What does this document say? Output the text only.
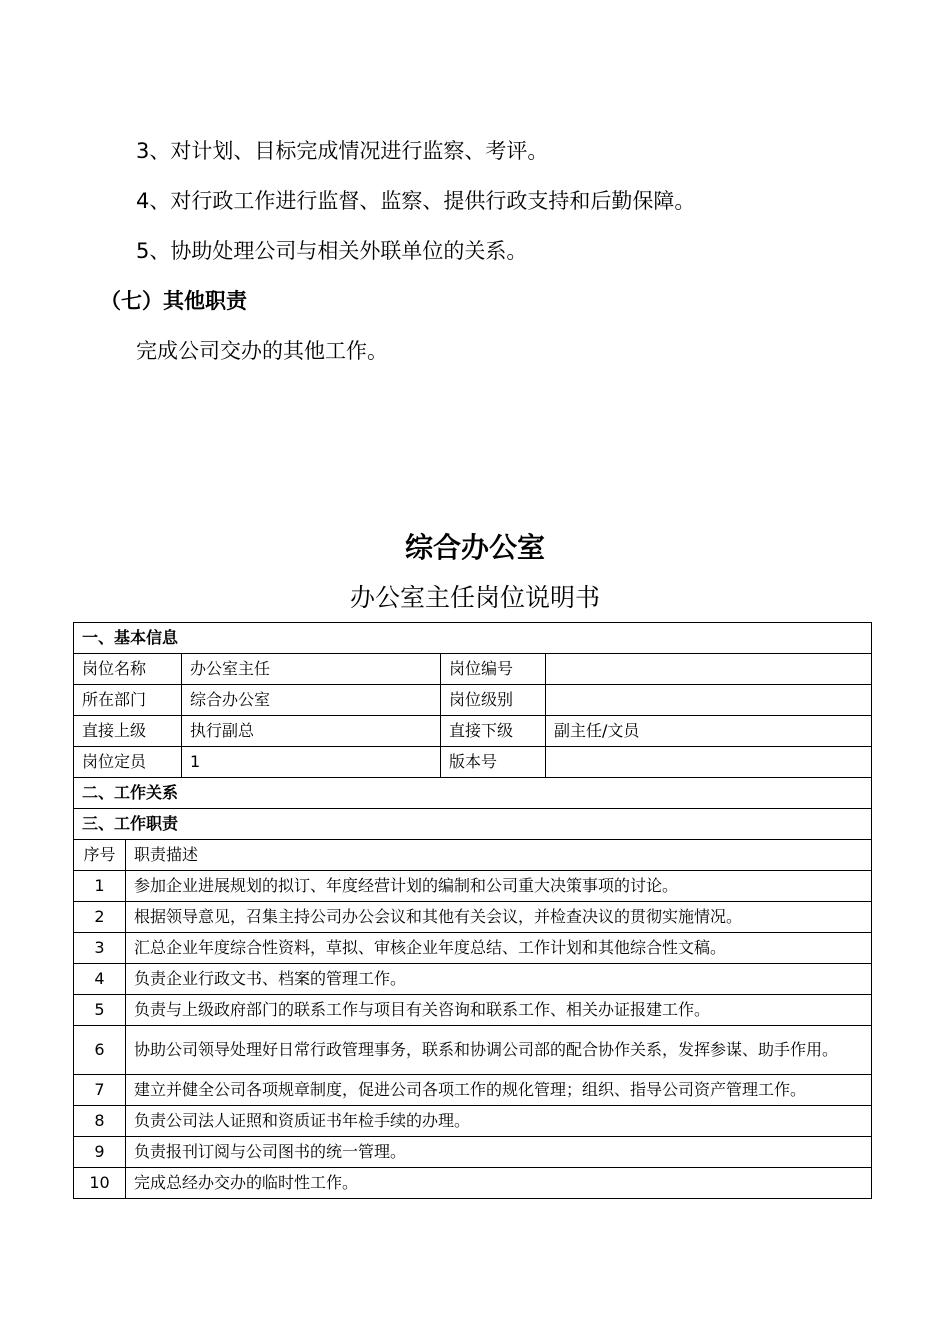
3、对计划、目标完成情况进行监察、考评。
4、对行政工作进行监督、监察、提供行政支持和后勤保障。
5、协助处理公司与相关外联单位的关系。
（七）其他职责
完成公司交办的其他工作。
综合办公室
办公室主任岗位说明书
一、基本信息				
岗位名称		办公室主任	岗位编号	
所在部门		综合办公室	岗位级别	
直接上级		执行副总	直接下级	副主任/文员
岗位定员		1	版本号	
二、工作关系				
三、工作职责				
序号	职责描述			
1	参加企业进展规划的拟订、年度经营计划的编制和公司重大决策事项的讨论。			
2	根据领导意见，召集主持公司办公会议和其他有关会议，并检查决议的贯彻实施情况。			
3	汇总企业年度综合性资料，草拟、审核企业年度总结、工作计划和其他综合性文稿。			
4	负责企业行政文书、档案的管理工作。			
5	负责与上级政府部门的联系工作与项目有关咨询和联系工作、相关办证报建工作。			
6	协助公司领导处理好日常行政管理事务，联系和协调公司部的配合协作关系，发挥参谋、助手作用。			
7	建立并健全公司各项规章制度，促进公司各项工作的规化管理；组织、指导公司资产管理工作。			
8	负责公司法人证照和资质证书年检手续的办理。			
9	负责报刊订阅与公司图书的统一管理。			
10	完成总经办交办的临时性工作。			
